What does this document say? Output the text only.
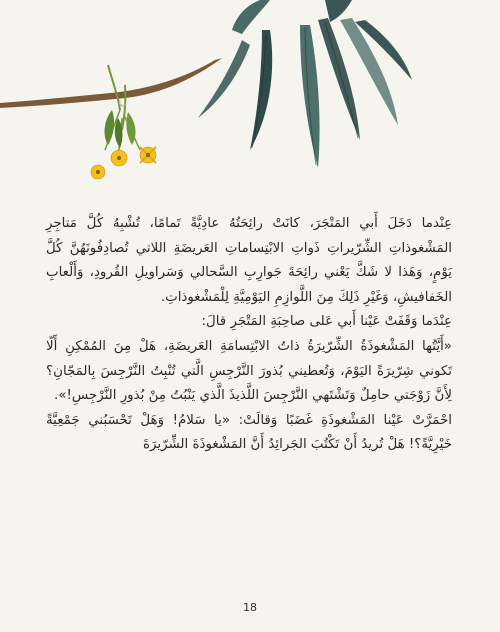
عِنْدما دَخَلَ أَبي المَتْجَرَ، كانَتْ رائِحَتُهُ عادِيَّةً تَمامًا، تُشْبِهُ كُلَّ مَتاجِرِ المَشْغوذاتِ الشِّرّيراتِ ذَواتِ الابْتِساماتِ العَريضَةِ اللاتي تُصادِفُونَهُنَّ كُلَّ يَوْمٍ، وَهَذا لا شَكَّ يَعْني رائِحَةَ جَوارِبِ السَّحالي وَسَراويلِ القُرودِ، وَأَلْعابِ الخَفافيشِ، وَغَيْرِ ذَلِكَ مِنَ اللَّوازِمِ اليَوْمِيَّةِ لِلْمَشْغوذاتِ.

عِنْدَما وَقَفَتْ عَيْنا أَبي عَلى صاحِبَةِ المَتْجَرِ قالَ:

«أَيَّتُها المَشْغوذَةُ الشِّرّيرَةُ ذاتُ الابْتِسامَةِ العَريضَةِ، هَلْ مِنَ المُمْكِنِ أَلّا تَكوني شِرّيرَةً اليَوْمَ، وَتُعطيني بُذورَ النَّرْجِسِ الَّتي تُنْبِتُ النَّرْجِسَ بِالمَجّانِ؟ لِأَنَّ زَوْجَتي حامِلٌ وَتَشْتَهي النَّرْجِسَ اللَّذيذَ الَّذي يَنْبُتُ مِنْ بُذورِ النَّرْجِسِ!».

احْمَرَّتْ عَيْنا المَشْغوذَةِ غَضَبًا وَقالَتْ: «يا سَلامُ! وَهَلْ تَحْسَبُني جَمْعِيَّةً خَيْرِيَّةً؟! هَلْ تُريدُ أَنْ تَكْتُبَ الجَرائِدُ أَنَّ المَشْغوذَةَ الشِّرّيرَةَ

18
